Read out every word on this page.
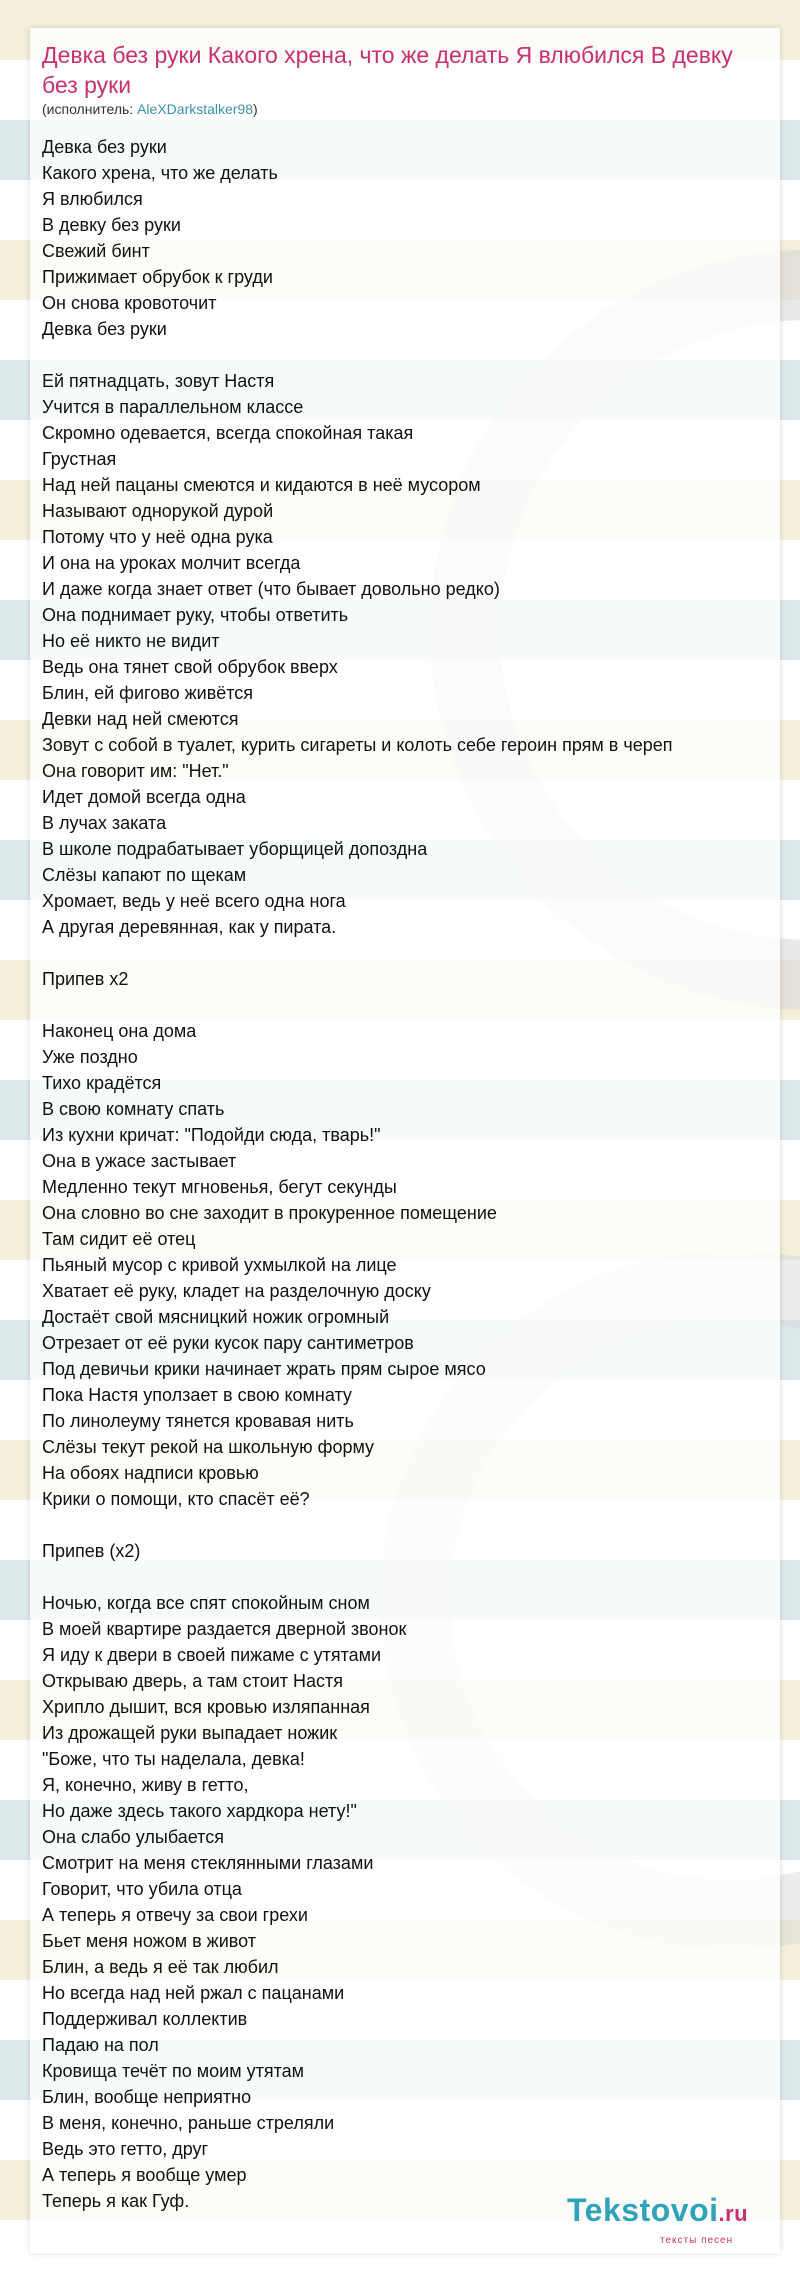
Девка без руки Какого хрена, что же делать Я влюбился В девку без руки
(исполнитель: AleXDarkstalker98)
Девка без руки
Какого хрена, что же делать
Я влюбился
В девку без руки
Свежий бинт
Прижимает обрубок к груди
Он снова кровоточит
Девка без руки
Ей пятнадцать, зовут Настя
Учится в параллельном классе
Скромно одевается, всегда спокойная такая
Грустная
Над ней пацаны смеются и кидаются в неё мусором
Называют однорукой дурой
Потому что у неё одна рука
И она на уроках молчит всегда
И даже когда знает ответ (что бывает довольно редко)
Она поднимает руку, чтобы ответить
Но её никто не видит
Ведь она тянет свой обрубок вверх
Блин, ей фигово живётся
Девки над ней смеются
Зовут с собой в туалет, курить сигареты и колоть себе героин прям в череп
Она говорит им: "Нет."
Идет домой всегда одна
В лучах заката
В школе подрабатывает уборщицей допоздна
Слёзы капают по щекам
Хромает, ведь у неё всего одна нога
А другая деревянная, как у пирата.
Припев x2
Наконец она дома
Уже поздно
Тихо крадётся
В свою комнату спать
Из кухни кричат: "Подойди сюда, тварь!"
Она в ужасе застывает
Медленно текут мгновенья, бегут секунды
Она словно во сне заходит в прокуренное помещение
Там сидит её отец
Пьяный мусор с кривой ухмылкой на лице
Хватает её руку, кладет на разделочную доску
Достаёт свой мясницкий ножик огромный
Отрезает от её руки кусок пару сантиметров
Под девичьи крики начинает жрать прям сырое мясо
Пока Настя уползает в свою комнату
По линолеуму тянется кровавая нить
Слёзы текут рекой на школьную форму
На обоях надписи кровью
Крики о помощи, кто спасёт её?
Припев (x2)
Ночью, когда все спят спокойным сном
В моей квартире раздается дверной звонок
Я иду к двери в своей пижаме с утятами
Открываю дверь, а там стоит Настя
Хрипло дышит, вся кровью изляпанная
Из дрожащей руки выпадает ножик
"Боже, что ты наделала, девка!
Я, конечно, живу в гетто,
Но даже здесь такого хардкора нету!"
Она слабо улыбается
Смотрит на меня стеклянными глазами
Говорит, что убила отца
А теперь я отвечу за свои грехи
Бьет меня ножом в живот
Блин, а ведь я её так любил
Но всегда над ней ржал с пацанами
Поддерживал коллектив
Падаю на пол
Кровища течёт по моим утятам
Блин, вообще неприятно
В меня, конечно, раньше стреляли
Ведь это гетто, друг
А теперь я вообще умер
Теперь я как Гуф.	Tekstovoi.ru
тексты песен
